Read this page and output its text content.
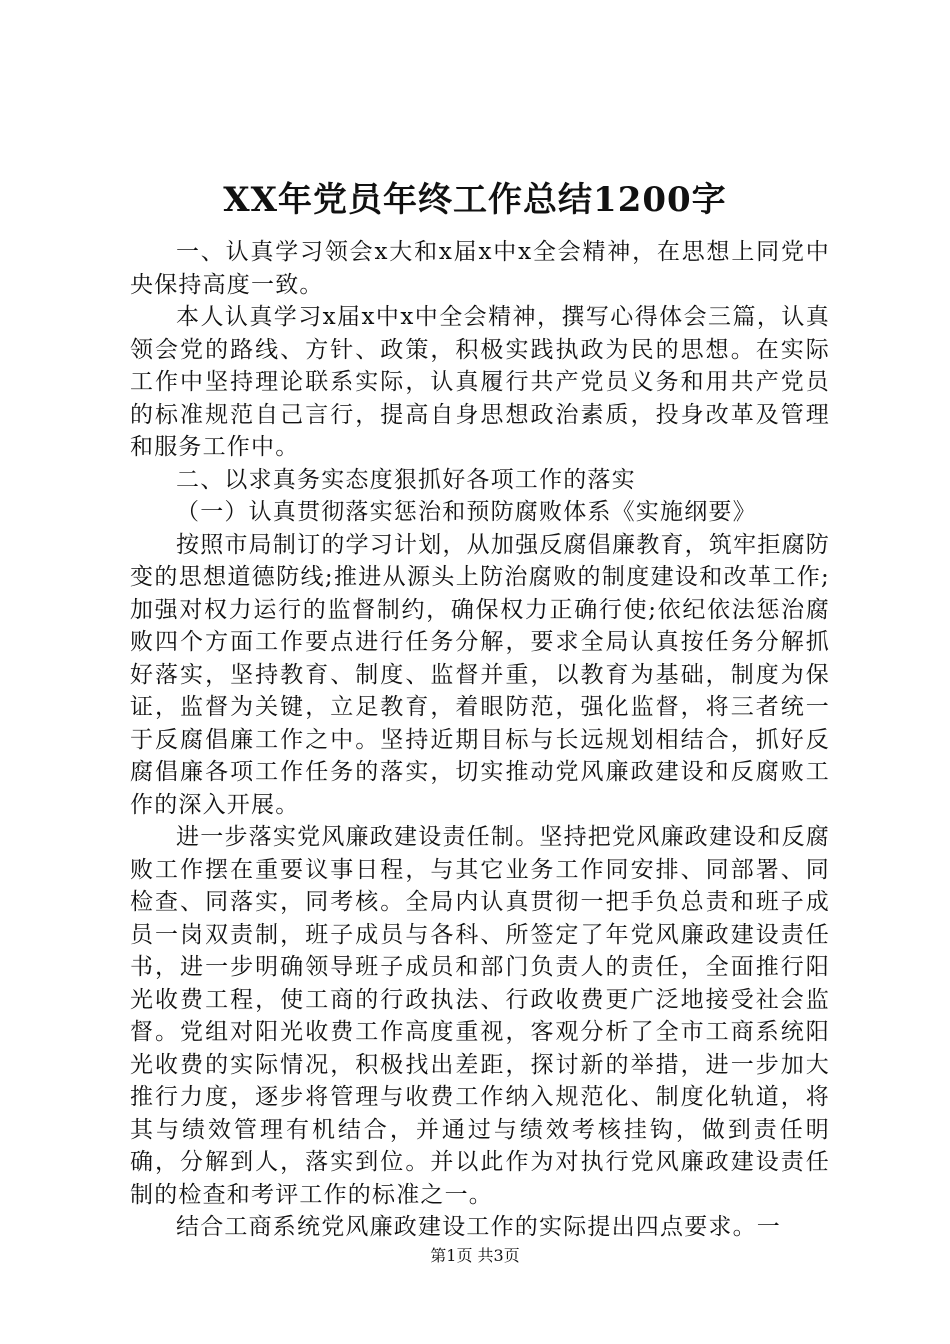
XX年党员年终工作总结1200字

一、认真学习领会x大和x届x中x全会精神，在思想上同党中央保持高度一致。

本人认真学习x届x中x中全会精神，撰写心得体会三篇，认真领会党的路线、方针、政策，积极实践执政为民的思想。在实际工作中坚持理论联系实际，认真履行共产党员义务和用共产党员的标准规范自己言行，提高自身思想政治素质，投身改革及管理和服务工作中。

二、以求真务实态度狠抓好各项工作的落实

（一）认真贯彻落实惩治和预防腐败体系《实施纲要》

按照市局制订的学习计划，从加强反腐倡廉教育，筑牢拒腐防变的思想道德防线;推进从源头上防治腐败的制度建设和改革工作;加强对权力运行的监督制约，确保权力正确行使;依纪依法惩治腐败四个方面工作要点进行任务分解，要求全局认真按任务分解抓好落实，坚持教育、制度、监督并重，以教育为基础，制度为保证，监督为关键，立足教育，着眼防范，强化监督，将三者统一于反腐倡廉工作之中。坚持近期目标与长远规划相结合，抓好反腐倡廉各项工作任务的落实，切实推动党风廉政建设和反腐败工作的深入开展。

进一步落实党风廉政建设责任制。坚持把党风廉政建设和反腐败工作摆在重要议事日程，与其它业务工作同安排、同部署、同检查、同落实，同考核。全局内认真贯彻一把手负总责和班子成员一岗双责制，班子成员与各科、所签定了年党风廉政建设责任书，进一步明确领导班子成员和部门负责人的责任，全面推行阳光收费工程，使工商的行政执法、行政收费更广泛地接受社会监督。党组对阳光收费工作高度重视，客观分析了全市工商系统阳光收费的实际情况，积极找出差距，探讨新的举措，进一步加大推行力度，逐步将管理与收费工作纳入规范化、制度化轨道，将其与绩效管理有机结合，并通过与绩效考核挂钩，做到责任明确，分解到人，落实到位。并以此作为对执行党风廉政建设责任制的检查和考评工作的标准之一。

结合工商系统党风廉政建设工作的实际提出四点要求。一

第1页 共3页
